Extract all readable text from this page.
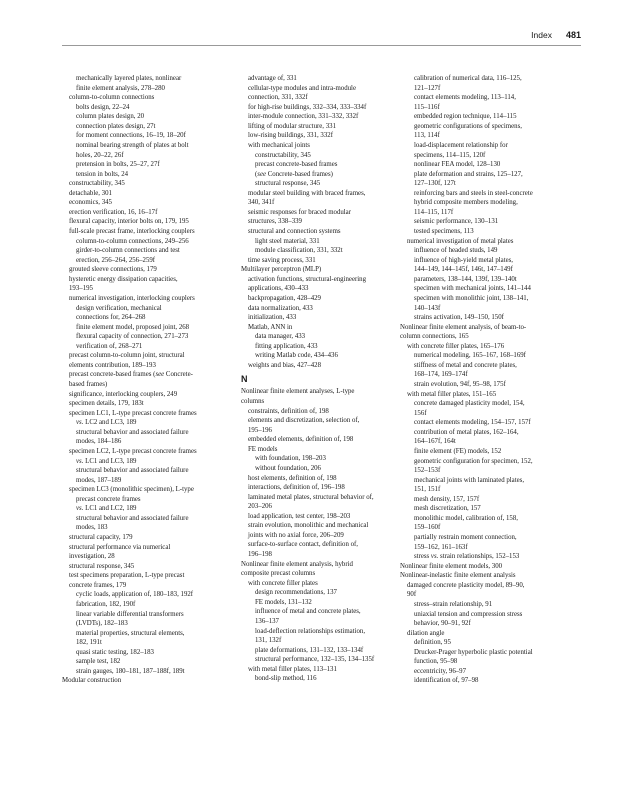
Index 481
mechanically layered plates, nonlinear
finite element analysis, 278–280
column-to-column connections
bolts design, 22–24
column plates design, 20
connection plates design, 27t
for moment connections, 16–19, 18–20f
nominal bearing strength of plates at bolt
holes, 20–22, 26f
pretension in bolts, 25–27, 27f
tension in bolts, 24
constructability, 345
detachable, 301
economics, 345
erection verification, 16, 16–17f
flexural capacity, interior bolts on, 179, 195
full-scale precast frame, interlocking couplers
column-to-column connections, 249–256
girder-to-column connections and test
erection, 256–264, 256–259f
grouted sleeve connections, 179
hysteretic energy dissipation capacities,
193–195
numerical investigation, interlocking couplers
design verification, mechanical
connections for, 264–268
finite element model, proposed joint, 268
flexural capacity of connection, 271–273
verification of, 268–271
precast column-to-column joint, structural
elements contribution, 189–193
precast concrete-based frames (see Concrete-
based frames)
significance, interlocking couplers, 249
specimen details, 179, 183t
specimen LC1, L-type precast concrete frames
vs. LC2 and LC3, 189
structural behavior and associated failure
modes, 184–186
specimen LC2, L-type precast concrete frames
vs. LC1 and LC3, 189
structural behavior and associated failure
modes, 187–189
specimen LC3 (monolithic specimen), L-type
precast concrete frames
vs. LC1 and LC2, 189
structural behavior and associated failure
modes, 183
structural capacity, 179
structural performance via numerical
investigation, 28
structural response, 345
test specimens preparation, L-type precast
concrete frames, 179
cyclic loads, application of, 180–183, 192f
fabrication, 182, 190f
linear variable differential transformers
(LVDTs), 182–183
material properties, structural elements,
182, 191t
quasi static testing, 182–183
sample test, 182
strain gauges, 180–181, 187–188f, 189t
Modular construction
advantage of, 331
cellular-type modules and intra-module
connection, 331, 332f
for high-rise buildings, 332–334, 333–334f
inter-module connection, 331–332, 332f
lifting of modular structure, 331
low-rising buildings, 331, 332f
with mechanical joints
constructability, 345
precast concrete-based frames
(see Concrete-based frames)
structural response, 345
modular steel building with braced frames,
340, 341f
seismic responses for braced modular
structures, 338–339
structural and connection systems
light steel material, 331
module classification, 331, 332t
time saving process, 331
Multilayer perceptron (MLP)
activation functions, structural-engineering
applications, 430–433
backpropagation, 428–429
data normalization, 433
initialization, 433
Matlab, ANN in
data manager, 433
fitting application, 433
writing Matlab code, 434–436
weights and bias, 427–428
N
Nonlinear finite element analyses, L-type
columns
constraints, definition of, 198
elements and discretization, selection of,
195–196
embedded elements, definition of, 198
FE models
with foundation, 198–203
without foundation, 206
host elements, definition of, 198
interactions, definition of, 196–198
laminated metal plates, structural behavior of,
203–206
load application, test center, 198–203
strain evolution, monolithic and mechanical
joints with no axial force, 206–209
surface-to-surface contact, definition of,
196–198
Nonlinear finite element analysis, hybrid
composite precast columns
with concrete filler plates
design recommendations, 137
FE models, 131–132
influence of metal and concrete plates,
136–137
load-deflection relationships estimation,
131, 132f
plate deformations, 131–132, 133–134f
structural performance, 132–135, 134–135f
with metal filler plates, 113–131
bond-slip method, 116
calibration of numerical data, 116–125,
121–127f
contact elements modeling, 113–114,
115–116f
embedded region technique, 114–115
geometric configurations of specimens,
113, 114f
load-displacement relationship for
specimens, 114–115, 120f
nonlinear FEA model, 128–130
plate deformation and strains, 125–127,
127–130f, 127t
reinforcing bars and steels in steel-concrete
hybrid composite members modeling,
114–115, 117f
seismic performance, 130–131
tested specimens, 113
numerical investigation of metal plates
influence of headed studs, 149
influence of high-yield metal plates,
144–149, 144–145f, 146t, 147–149f
parameters, 138–144, 139f, 139–140t
specimen with mechanical joints, 141–144
specimen with monolithic joint, 138–141,
140–143f
strains activation, 149–150, 150f
Nonlinear finite element analysis, of beam-to-
column connections, 165
with concrete filler plates, 165–176
numerical modeling, 165–167, 168–169f
stiffness of metal and concrete plates,
168–174, 169–174f
strain evolution, 94f, 95–98, 175f
with metal filler plates, 151–165
concrete damaged plasticity model, 154,
156f
contact elements modeling, 154–157, 157f
contribution of metal plates, 162–164,
164–167f, 164t
finite element (FE) models, 152
geometric configuration for specimen, 152,
152–153f
mechanical joints with laminated plates,
151, 151f
mesh density, 157, 157f
mesh discretization, 157
monolithic model, calibration of, 158,
159–160f
partially restrain moment connection,
159–162, 161–163f
stress vs. strain relationships, 152–153
Nonlinear finite element models, 300
Nonlinear-inelastic finite element analysis
damaged concrete plasticity model, 89–90,
90f
stress–strain relationship, 91
uniaxial tension and compression stress
behavior, 90–91, 92f
dilation angle
definition, 95
Drucker-Prager hyperbolic plastic potential
function, 95–98
eccentricity, 96–97
identification of, 97–98
